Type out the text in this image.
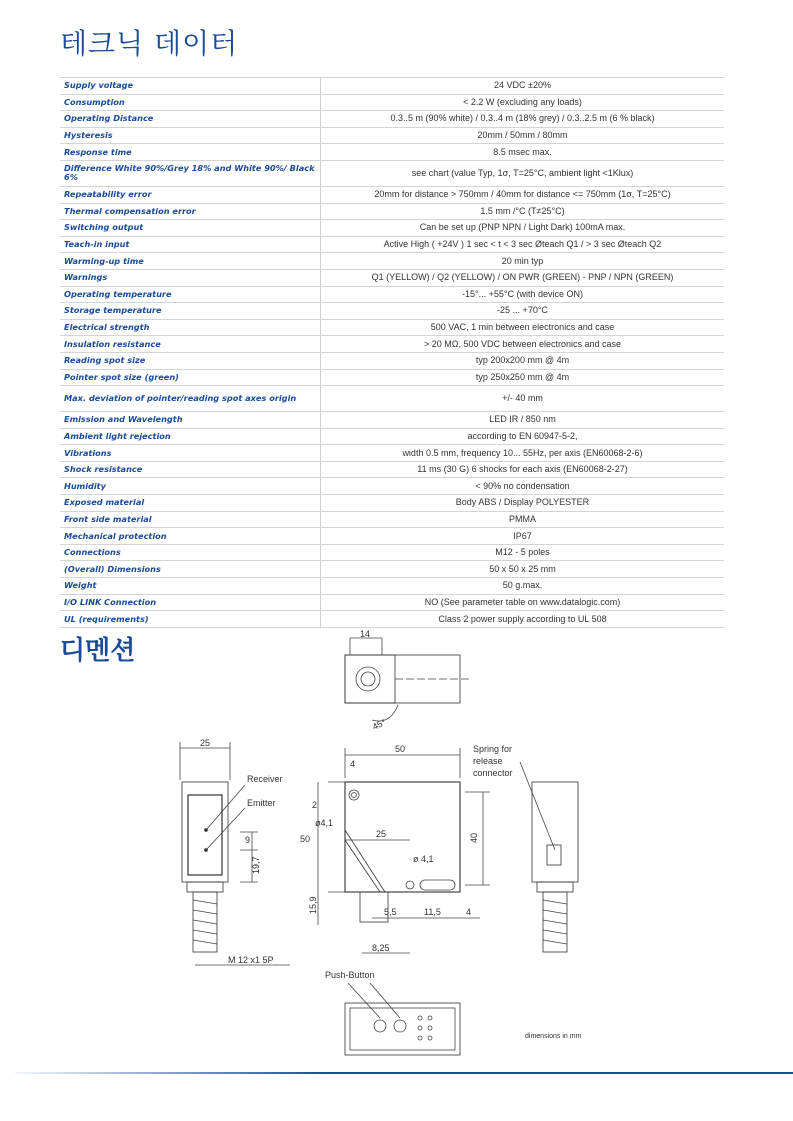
테크닉 데이터
Supply voltage	24 VDC ±20%
Consumption	< 2.2 W (excluding any loads)
Operating Distance	0.3..5 m (90% white) / 0.3..4 m (18% grey) / 0.3..2.5 m (6 % black)
Hysteresis	20mm / 50mm / 80mm
Response time	8.5 msec max.
Difference White 90%/Grey 18% and White 90%/ Black 6%	see chart (value Typ, 1σ, T=25°C, ambient light <1Klux)
Repeatability error	20mm for distance > 750mm / 40mm for distance <= 750mm (1σ, T=25°C)
Thermal compensation error	1.5 mm /°C (T≠25°C)
Switching output	Can be set up (PNP NPN / Light Dark) 100mA max.
Teach-in input	Active High ( +24V ) 1 sec < t < 3 sec Øteach Q1 / > 3 sec Øteach Q2
Warming-up time	20 min typ
Warnings	Q1 (YELLOW) / Q2 (YELLOW) / ON PWR (GREEN) - PNP / NPN (GREEN)
Operating temperature	-15°... +55°C (with device ON)
Storage temperature	-25 ... +70°C
Electrical strength	500 VAC, 1 min between electronics and case
Insulation resistance	> 20 MΩ, 500 VDC between electronics and case
Reading spot size	typ 200x200 mm @ 4m
Pointer spot size (green)	typ 250x250 mm @ 4m
Max. deviation of pointer/reading spot axes origin	+/- 40 mm
Emission and Wavelength	LED IR / 850 nm
Ambient light rejection	according to EN 60947-5-2,
Vibrations	width 0.5 mm, frequency 10... 55Hz, per axis (EN60068-2-6)
Shock resistance	11 ms (30 G) 6 shocks for each axis (EN60068-2-27)
Humidity	< 90% no condensation
Exposed material	Body ABS / Display POLYESTER
Front side material	PMMA
Mechanical protection	IP67
Connections	M12 - 5 poles
(Overall) Dimensions	50 x 50 x 25 mm
Weight	50 g.max.
I/O LINK Connection	NO (See parameter table on www.datalogic.com)
UL (requirements)	Class 2 power supply according to UL 508
디멘션
14
45°
25
Receiver
Emitter
9
19,7
M 12 x1 5P
50
50
15,9
4
2
ø4,1
25
ø 4,1
40
5,5	11,5	4
8,25
Spring for
release
connector
Push-Button
dimensions in mm
